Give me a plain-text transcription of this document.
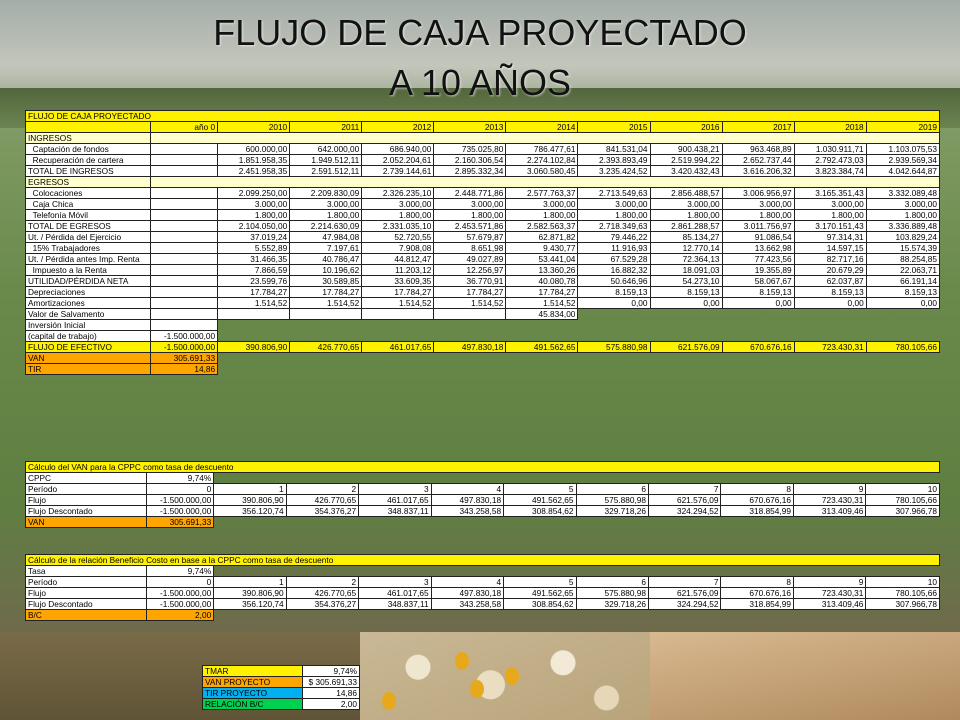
FLUJO DE CAJA PROYECTADO
A 10 AÑOS
FLUJO DE CAJA PROYECTADO											
	año 0	2010	2011	2012	2013	2014	2015	2016	2017	2018	2019
INGRESOS											
Captación de fondos		600.000,00	642.000,00	686.940,00	735.025,80	786.477,61	841.531,04	900.438,21	963.468,89	1.030.911,71	1.103.075,53
Recuperación de cartera		1.851.958,35	1.949.512,11	2.052.204,61	2.160.306,54	2.274.102,84	2.393.893,49	2.519.994,22	2.652.737,44	2.792.473,03	2.939.569,34
TOTAL DE INGRESOS		2.451.958,35	2.591.512,11	2.739.144,61	2.895.332,34	3.060.580,45	3.235.424,52	3.420.432,43	3.616.206,32	3.823.384,74	4.042.644,87
EGRESOS											
Colocaciones		2.099.250,00	2.209.830,09	2.326.235,10	2.448.771,86	2.577.763,37	2.713.549,63	2.856.488,57	3.006.956,97	3.165.351,43	3.332.089,48
Caja Chica		3.000,00	3.000,00	3.000,00	3.000,00	3.000,00	3.000,00	3.000,00	3.000,00	3.000,00	3.000,00
Telefonía Móvil		1.800,00	1.800,00	1.800,00	1.800,00	1.800,00	1.800,00	1.800,00	1.800,00	1.800,00	1.800,00
TOTAL DE EGRESOS		2.104.050,00	2.214.630,09	2.331.035,10	2.453.571,86	2.582.563,37	2.718.349,63	2.861.288,57	3.011.756,97	3.170.151,43	3.336.889,48
Ut. / Pérdida del Ejercicio		37.019,24	47.984,08	52.720,55	57.679,87	62.871,82	79.446,22	85.134,27	91.086,54	97.314,31	103.829,24
15% Trabajadores		5.552,89	7.197,61	7.908,08	8.651,98	9.430,77	11.916,93	12.770,14	13.662,98	14.597,15	15.574,39
Ut. / Pérdida antes Imp. Renta		31.466,35	40.786,47	44.812,47	49.027,89	53.441,04	67.529,28	72.364,13	77.423,56	82.717,16	88.254,85
Impuesto a la Renta		7.866,59	10.196,62	11.203,12	12.256,97	13.360,26	16.882,32	18.091,03	19.355,89	20.679,29	22.063,71
UTILIDAD/PÉRDIDA NETA		23.599,76	30.589,85	33.609,35	36.770,91	40.080,78	50.646,96	54.273,10	58.067,67	62.037,87	66.191,14
Depreciaciones		17.784,27	17.784,27	17.784,27	17.784,27	17.784,27	8.159,13	8.159,13	8.159,13	8.159,13	8.159,13
Amortizaciones		1.514,52	1.514,52	1.514,52	1.514,52	1.514,52	0,00	0,00	0,00	0,00	0,00
Valor de Salvamento						45.834,00					
Inversión Inicial											
(capital de trabajo)	-1.500.000,00										
FLUJO DE EFECTIVO	-1.500.000,00	390.806,90	426.770,65	461.017,65	497.830,18	491.562,65	575.880,98	621.576,09	670.676,16	723.430,31	780.105,66
VAN	305.691,33										
TIR	14,86										
Cálculo del VAN para la CPPC como tasa de descuento											
CPPC	9,74%										
Período	0	1	2	3	4	5	6	7	8	9	10
Flujo	-1.500.000,00	390.806,90	426.770,65	461.017,65	497.830,18	491.562,65	575.880,98	621.576,09	670.676,16	723.430,31	780.105,66
Flujo Descontado	-1.500.000,00	356.120,74	354.376,27	348.837,11	343.258,58	308.854,62	329.718,26	324.294,52	318.854,99	313.409,46	307.966,78
VAN	305.691,33										
Cálculo de la relación Beneficio Costo en base a la CPPC como tasa de descuento											
Tasa	9,74%										
Período	0	1	2	3	4	5	6	7	8	9	10
Flujo	-1.500.000,00	390.806,90	426.770,65	461.017,65	497.830,18	491.562,65	575.880,98	621.576,09	670.676,16	723.430,31	780.105,66
Flujo Descontado	-1.500.000,00	356.120,74	354.376,27	348.837,11	343.258,58	308.854,62	329.718,26	324.294,52	318.854,99	313.409,46	307.966,78
B/C	2,00										
TMAR	9,74%
VAN PROYECTO	$ 305.691,33
TIR PROYECTO	14,86
RELACIÓN B/C	2,00
